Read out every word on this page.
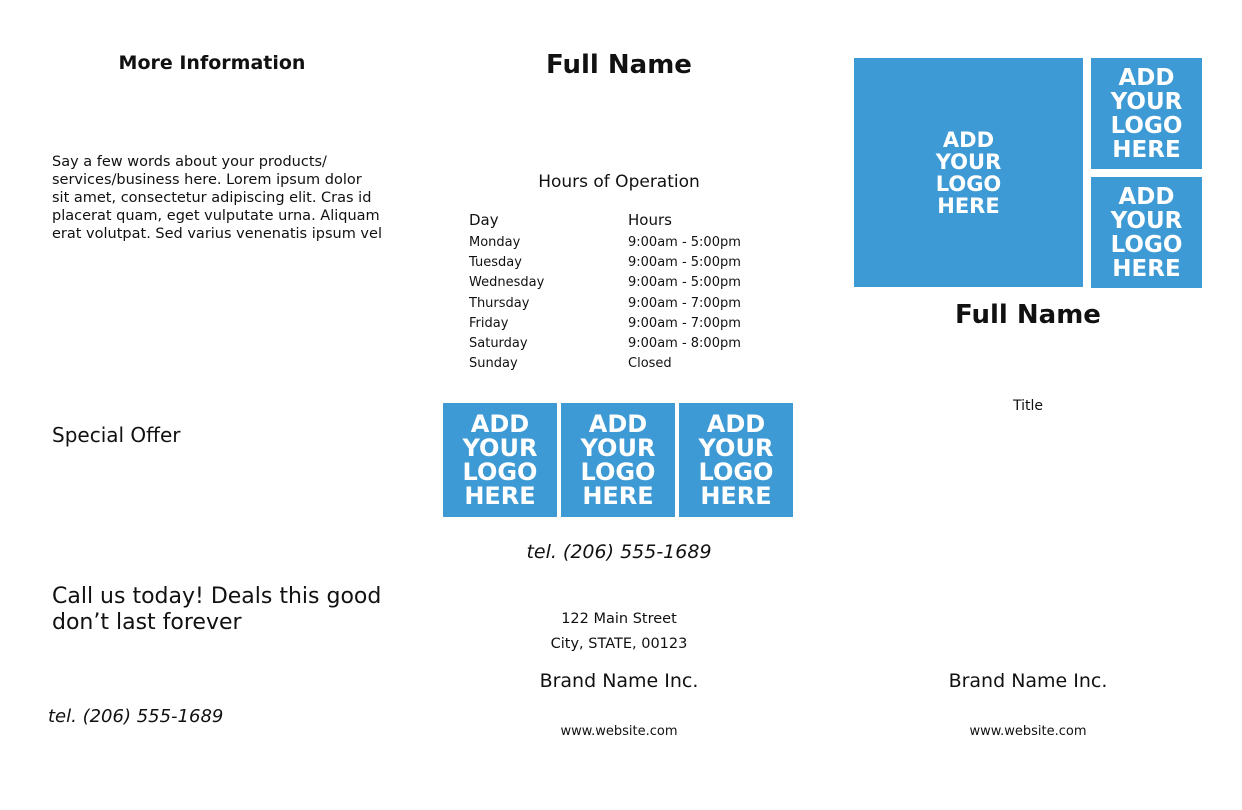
More Information
Say a few words about your products/ services/business here. Lorem ipsum dolor sit amet, consectetur adipiscing elit. Cras id placerat quam, eget vulputate urna. Aliquam erat volutpat. Sed varius venenatis ipsum vel
Special Offer
Call us today! Deals this good don’t last forever
tel. (206) 555-1689
Full Name
Hours of Operation
Day	Hours
Monday	9:00am - 5:00pm
Tuesday	9:00am - 5:00pm
Wednesday	9:00am - 5:00pm
Thursday	9:00am - 7:00pm
Friday	9:00am - 7:00pm
Saturday	9:00am - 8:00pm
Sunday	Closed
ADD
YOUR
LOGO
HERE
ADD
YOUR
LOGO
HERE
ADD
YOUR
LOGO
HERE
tel. (206) 555-1689
122 Main Street
City, STATE, 00123
Brand Name Inc.
www.website.com
ADD
YOUR
LOGO
HERE
ADD
YOUR
LOGO
HERE
ADD
YOUR
LOGO
HERE
Full Name
Title
Brand Name Inc.
www.website.com
